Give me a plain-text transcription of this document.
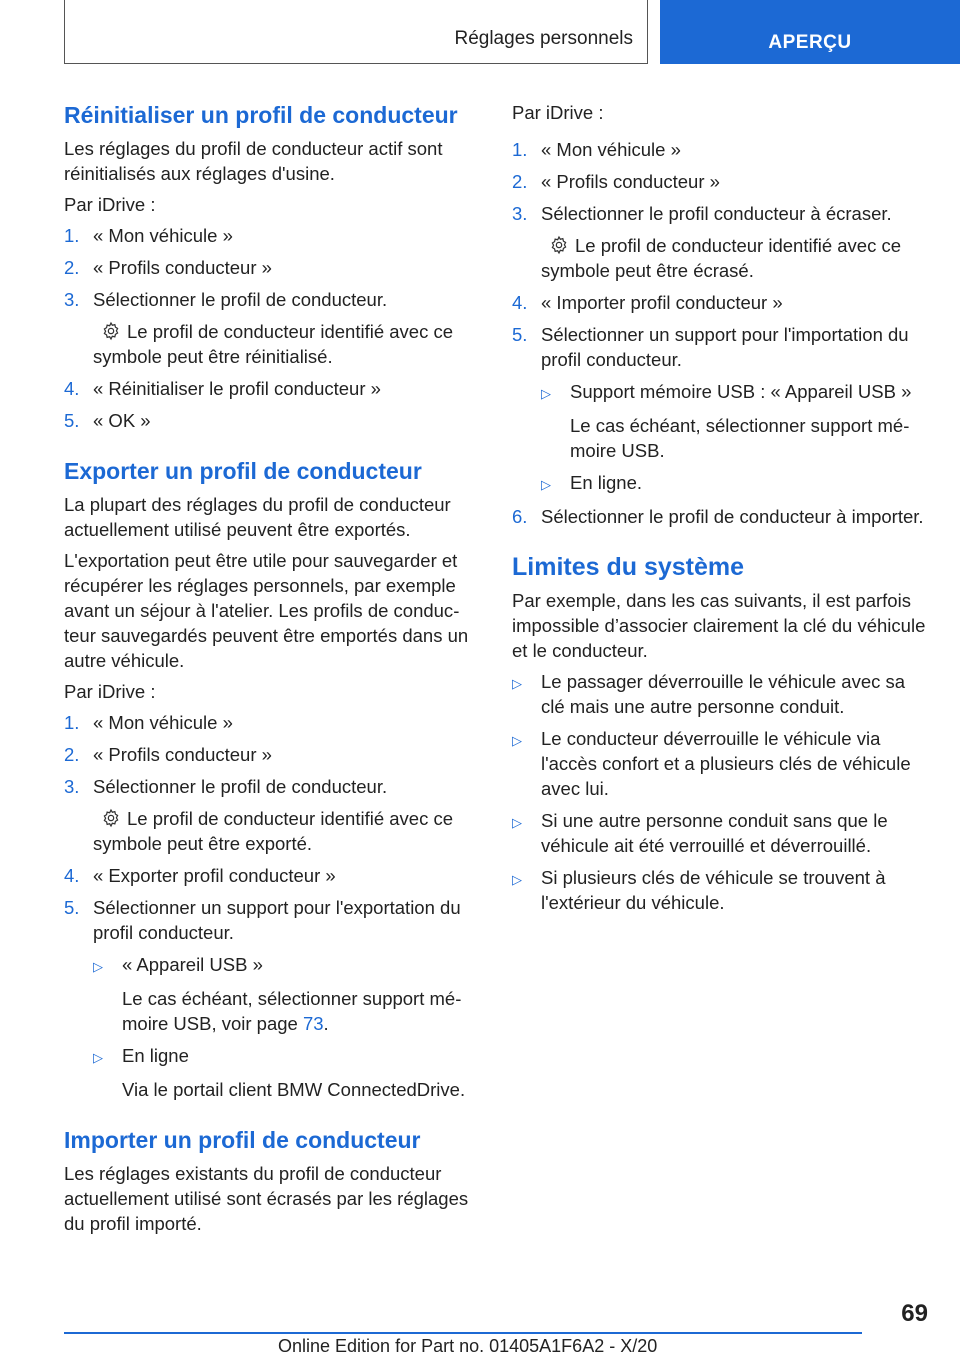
Réglages personnels	APERÇU
Réinitialiser un profil de conducteur

Les réglages du profil de conducteur actif sont réinitialisés aux réglages d'usine.

Par iDrive :

1. « Mon véhicule »
2. « Profils conducteur »
3. Sélectionner le profil de conducteur.
Le profil de conducteur identifié avec ce symbole peut être réinitialisé.
4. « Réinitialiser le profil conducteur »
5. « OK »
Exporter un profil de conducteur

La plupart des réglages du profil de conducteur actuellement utilisé peuvent être exportés.

L'exportation peut être utile pour sauvegarder et récupérer les réglages personnels, par exemple avant un séjour à l'atelier. Les profils de conducteur sauvegardés peuvent être emportés dans un autre véhicule.

Par iDrive :

1. « Mon véhicule »
2. « Profils conducteur »
3. Sélectionner le profil de conducteur.
Le profil de conducteur identifié avec ce symbole peut être exporté.
4. « Exporter profil conducteur »
5. Sélectionner un support pour l'exportation du profil conducteur.
▷	« Appareil USB »
Le cas échéant, sélectionner support mémoire USB, voir page 73.
▷	En ligne
Via le portail client BMW ConnectedDrive.
Importer un profil de conducteur

Les réglages existants du profil de conducteur actuellement utilisé sont écrasés par les réglages du profil importé.

Par iDrive :

1. « Mon véhicule »
2. « Profils conducteur »
3. Sélectionner le profil conducteur à écraser.
Le profil de conducteur identifié avec ce symbole peut être écrasé.
4. « Importer profil conducteur »
5. Sélectionner un support pour l'importation du profil conducteur.
▷	Support mémoire USB : « Appareil USB »
Le cas échéant, sélectionner support mémoire USB.
▷	En ligne.
6. Sélectionner le profil de conducteur à importer.
Limites du système

Par exemple, dans les cas suivants, il est parfois impossible d’associer clairement la clé du véhicule et le conducteur.

▷	Le passager déverrouille le véhicule avec sa clé mais une autre personne conduit.
▷	Le conducteur déverrouille le véhicule via l'accès confort et a plusieurs clés de véhicule avec lui.
▷	Si une autre personne conduit sans que le véhicule ait été verrouillé et déverrouillé.
▷	Si plusieurs clés de véhicule se trouvent à l'extérieur du véhicule.
69
Online Edition for Part no. 01405A1F6A2 - X/20
